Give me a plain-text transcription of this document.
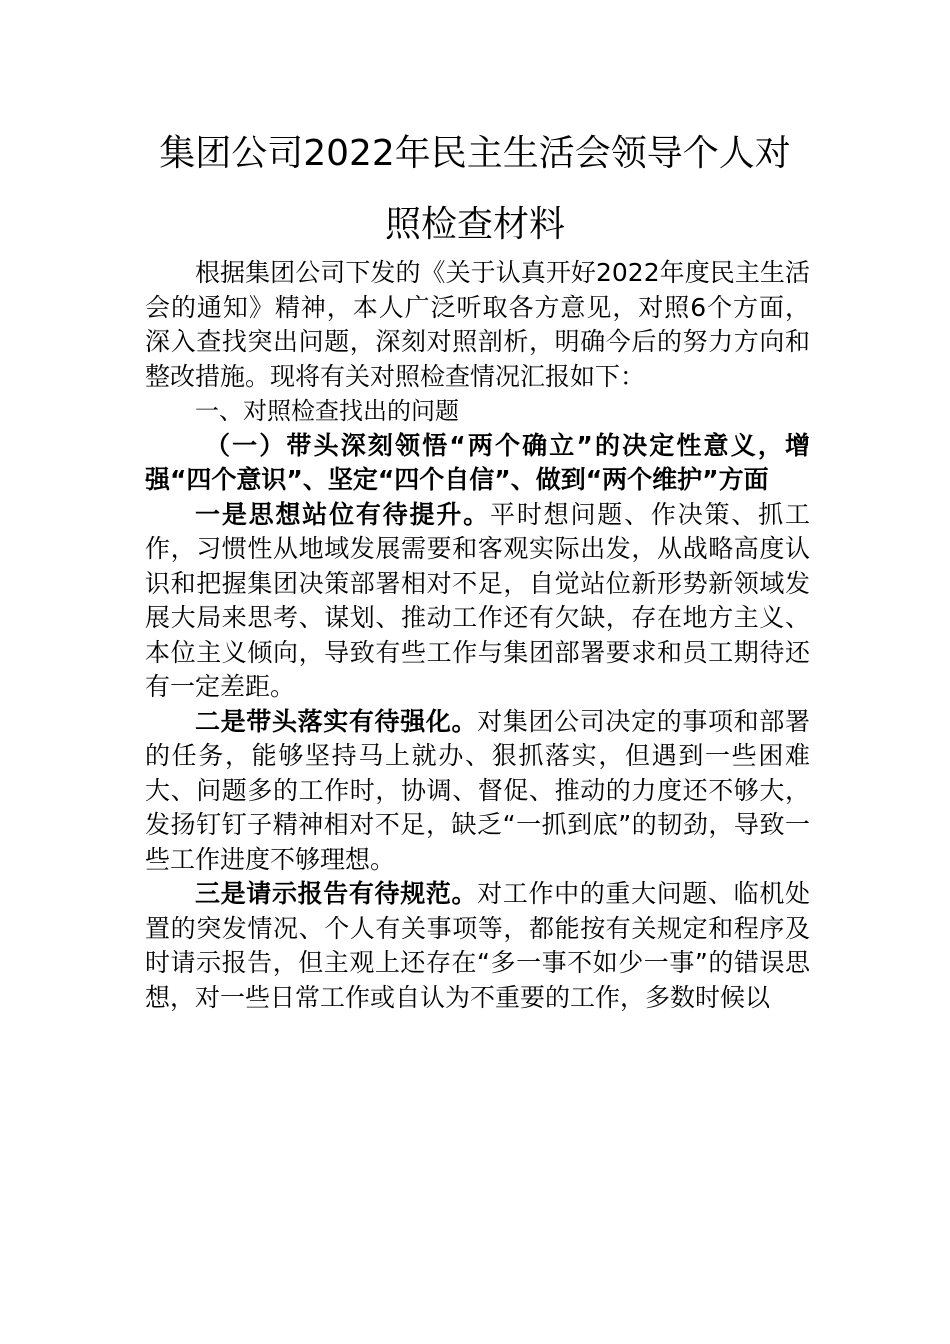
集团公司2022年民主生活会领导个人对
照检查材料

根据集团公司下发的《关于认真开好2022年度民主生活会的通知》精神，本人广泛听取各方意见，对照6个方面，深入查找突出问题，深刻对照剖析，明确今后的努力方向和整改措施。现将有关对照检查情况汇报如下：

一、对照检查找出的问题

（一）带头深刻领悟“两个确立”的决定性意义，增强“四个意识”、坚定“四个自信”、做到“两个维护”方面

一是思想站位有待提升。平时想问题、作决策、抓工作，习惯性从地域发展需要和客观实际出发，从战略高度认识和把握集团决策部署相对不足，自觉站位新形势新领域发展大局来思考、谋划、推动工作还有欠缺，存在地方主义、本位主义倾向，导致有些工作与集团部署要求和员工期待还有一定差距。

二是带头落实有待强化。对集团公司决定的事项和部署的任务，能够坚持马上就办、狠抓落实，但遇到一些困难大、问题多的工作时，协调、督促、推动的力度还不够大，发扬钉钉子精神相对不足，缺乏“一抓到底”的韧劲，导致一些工作进度不够理想。

三是请示报告有待规范。对工作中的重大问题、临机处置的突发情况、个人有关事项等，都能按有关规定和程序及时请示报告，但主观上还存在“多一事不如少一事”的错误思想，对一些日常工作或自认为不重要的工作，多数时候以
